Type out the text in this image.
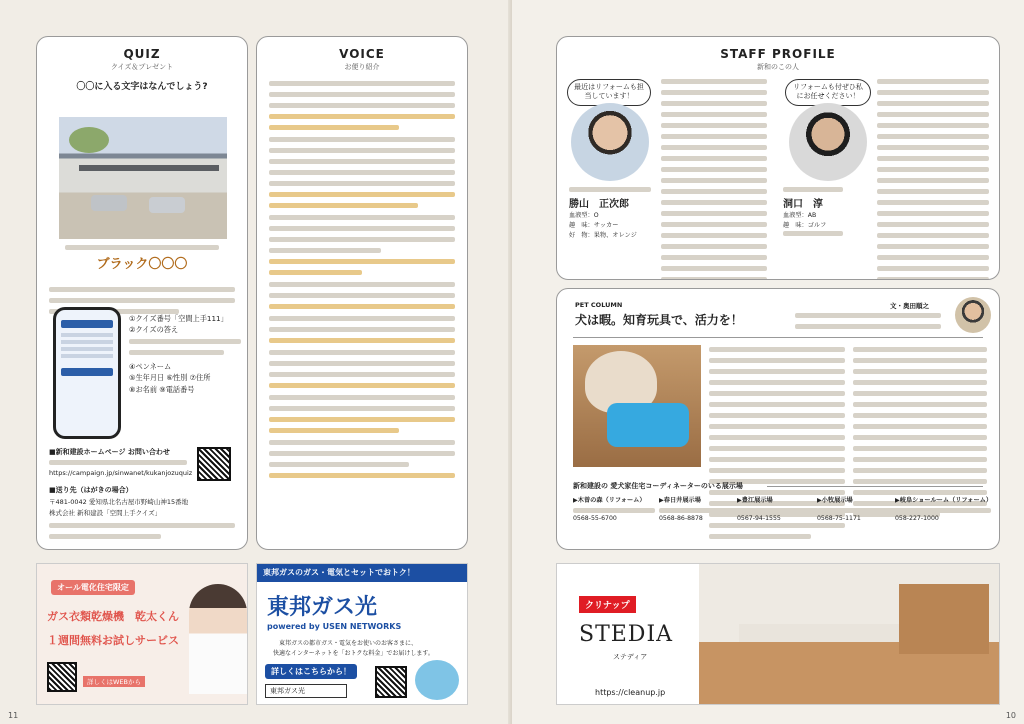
QUIZ
クイズ＆プレゼント
〇〇に入る文字はなんでしょう?
ブラック〇〇〇
①クイズ番号「空間上手111」
②クイズの答え
④ペンネーム
⑤生年月日 ⑥性別 ⑦住所
⑧お名前 ⑨電話番号
■新和建設ホームページ お問い合わせ
https://campaign.jp/sinwanet/kukanjozuquiz
■送り先（はがきの場合）
〒481-0042 愛知県北名古屋市野崎山神15番地
株式会社 新和建設「空間上手クイズ」
VOICE
お便り紹介
オール電化住宅限定
ガス衣類乾燥機　乾太くん
１週間無料お試しサービス
詳しくはWEBから
東邦ガスのガス・電気とセットでおトク！
東邦ガス光
powered by USEN NETWORKS
東邦ガスの都市ガス・電気をお使いのお客さまに、
快適なインターネットを「おトクな料金」でお届けします。
詳しくはこちらから！
東邦ガス光
11
STAFF PROFILE
新和のこの人
最近はリフォームも担当しています！
勝山　正次郎
血液型：O
趣　味：サッカー
好　物：果物、オレンジ
リフォームも付ぜひ私にお任せください！
洞口　淳
血液型：AB
趣　味：ゴルフ
PET COLUMN
犬は暇。知育玩具で、活力を！
文・奥田順之
新和建設の 愛犬家住宅コーディネーターのいる展示場
▶木曽の森（リフォーム）
0568-55-6700
▶春日井展示場
0568-86-8878
▶豊江展示場
0567-94-1555
▶小牧展示場
0568-75-1171
▶岐阜ショールーム（リフォーム）
058-227-1000
クリナップ
STEDIA
ステディア
https://cleanup.jp
10
